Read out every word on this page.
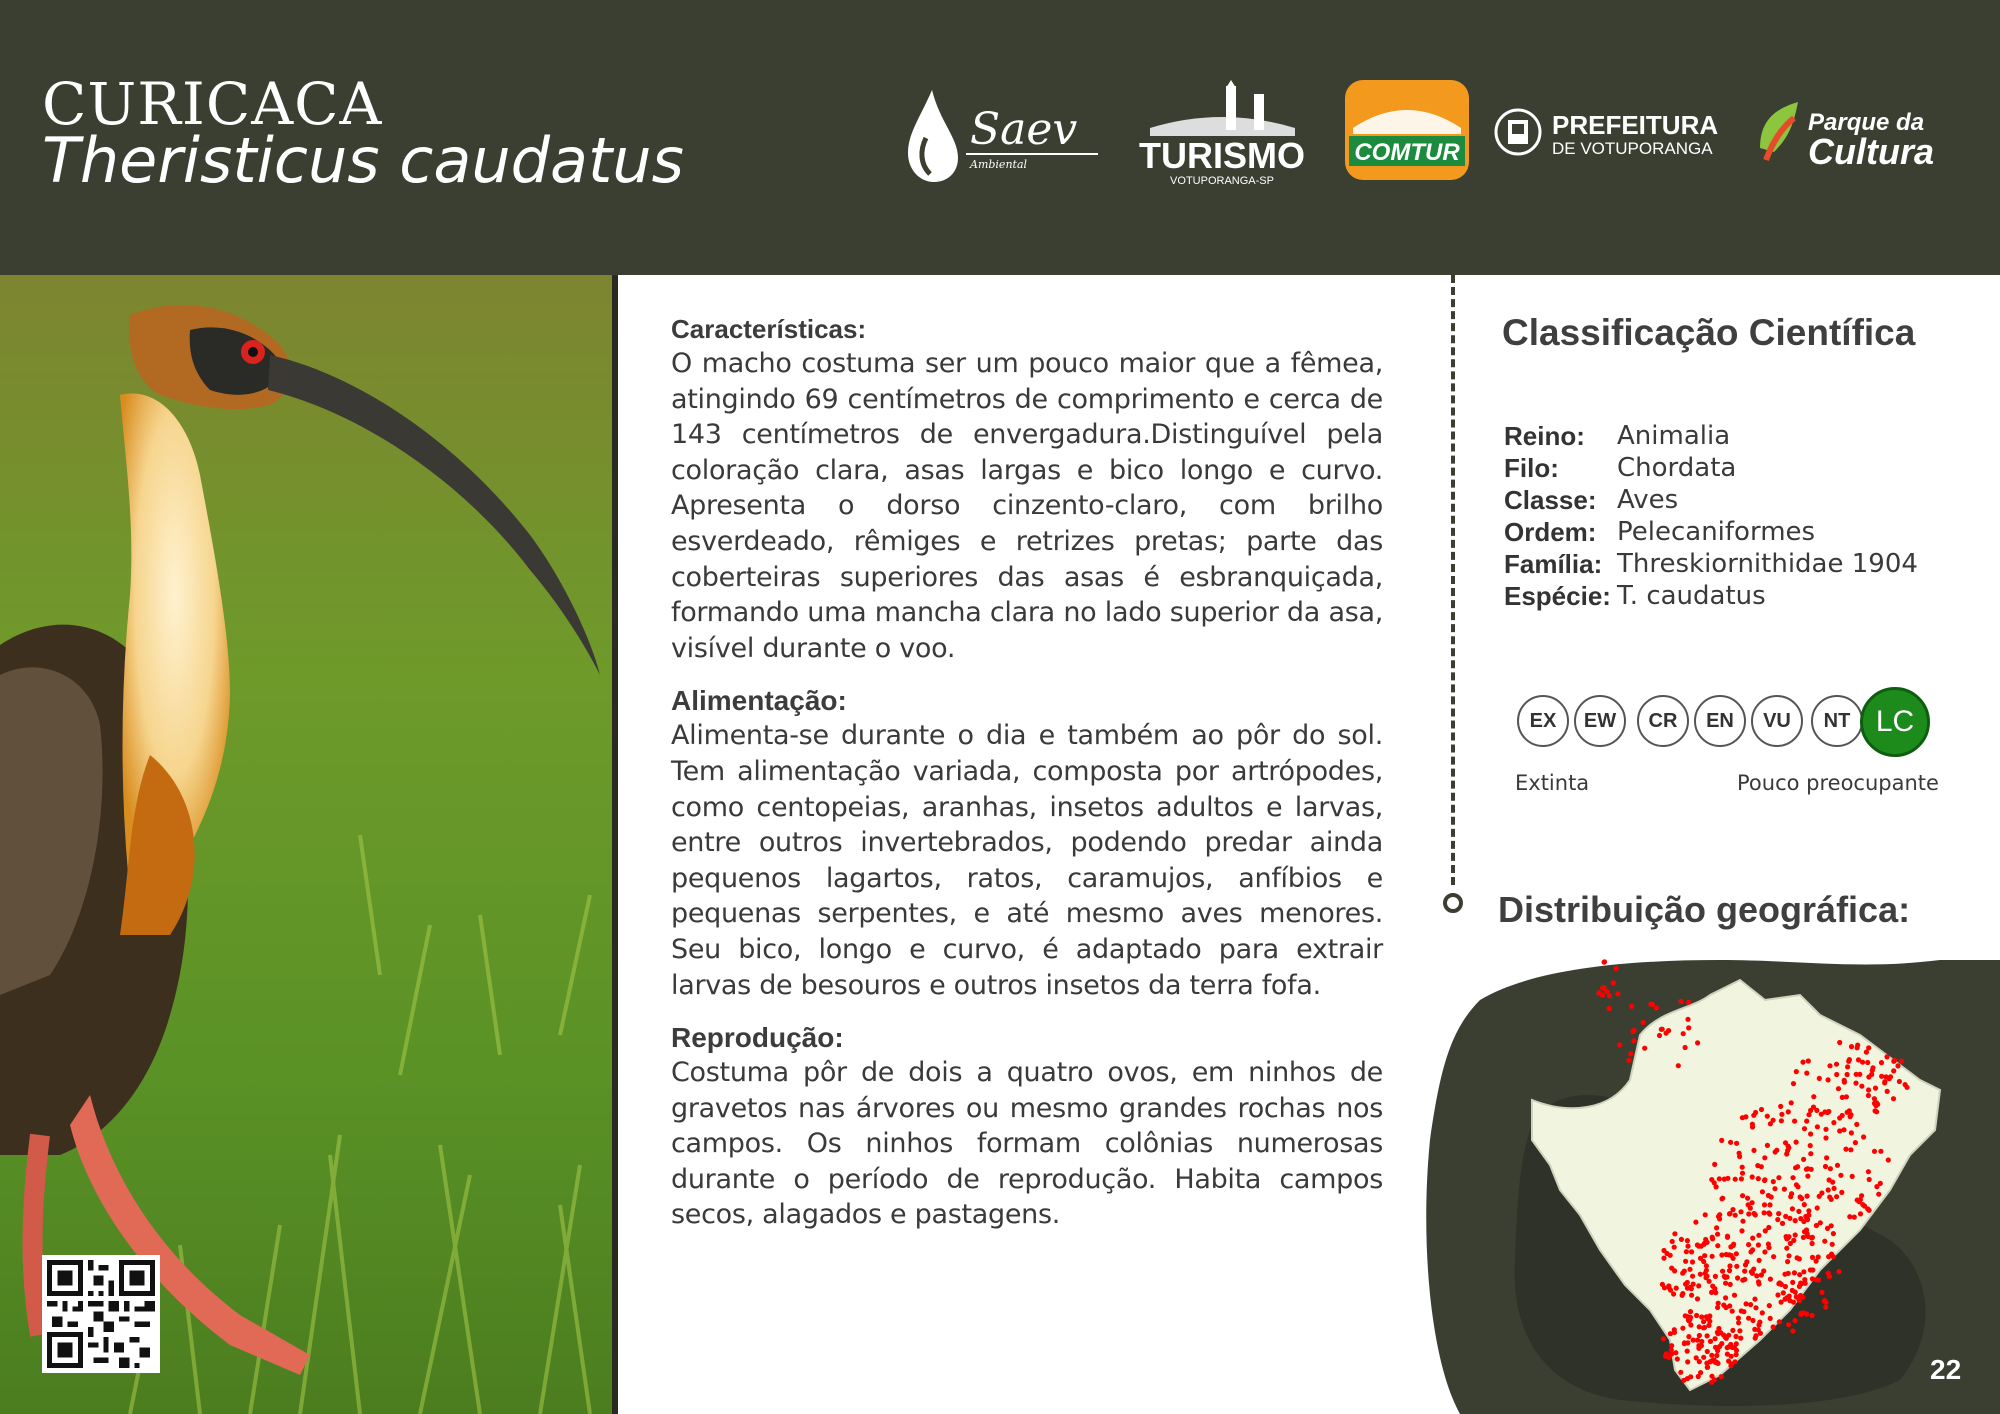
CURICACA
Theristicus caudatus	Saev
Ambiental	TURISMO
VOTUPORANGA-SP
COMTUR
PREFEITURA
DE VOTUPORANGA
Parque da
Cultura
Características:
O macho costuma ser um pouco maior que a fêmea, atingindo 69 centímetros de comprimento e cerca de 143 centímetros de envergadura.Distinguível pela coloração clara, asas largas e bico longo e curvo. Apresenta o dorso cinzento-claro, com brilho esverdeado, rêmiges e retrizes pretas; parte das coberteiras superiores das asas é esbranquiçada, formando uma mancha clara no lado superior da asa, visível durante o voo.
Alimentação:
Alimenta-se durante o dia e também ao pôr do sol. Tem alimentação variada, composta por artrópodes, como centopeias, aranhas, insetos adultos e larvas, entre outros invertebrados, podendo predar ainda pequenos lagartos, ratos, caramujos, anfíbios e pequenas serpentes, e até mesmo aves menores. Seu bico, longo e curvo, é adaptado para extrair larvas de besouros e outros insetos da terra fofa.
Reprodução:
Costuma pôr de dois a quatro ovos, em ninhos de gravetos nas árvores ou mesmo grandes rochas nos campos. Os ninhos formam colônias numerosas durante o período de reprodução. Habita campos secos, alagados e pastagens.
Classificação Científica
Reino:	Animalia
Filo:	Chordata
Classe: Aves
Ordem: Pelecaniformes
Família: Threskiornithidae 1904
Espécie: T. caudatus
EX	EW	CR	EN	VU	NT LC
Extinta	Pouco preocupante
Distribuição geográfica:
22
